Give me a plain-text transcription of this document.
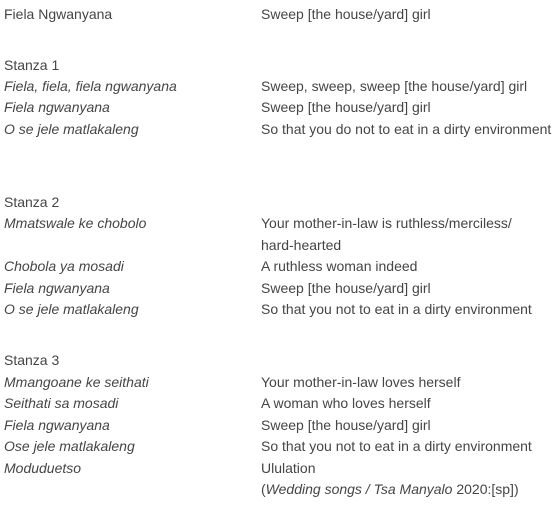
Fiela Ngwanyana	Sweep [the house/yard] girl
Stanza 1
Fiela, fiela, fiela ngwanyana	Sweep, sweep, sweep [the house/yard] girl
Fiela ngwanyana	Sweep [the house/yard] girl
O se jele matlakaleng	So that you do not to eat in a dirty environment
Stanza 2
Mmatswale ke chobolo	Your mother-in-law is ruthless/merciless/
hard-hearted
Chobola ya mosadi	A ruthless woman indeed
Fiela ngwanyana	Sweep [the house/yard] girl
O se jele matlakaleng	So that you not to eat in a dirty environment
Stanza 3
Mmangoane ke seithati	Your mother-in-law loves herself
Seithati sa mosadi	A woman who loves herself
Fiela ngwanyana	Sweep [the house/yard] girl
Ose jele matlakaleng	So that you not to eat in a dirty environment
Moduduetso	Ululation
(Wedding songs / Tsa Manyalo 2020:[sp])
